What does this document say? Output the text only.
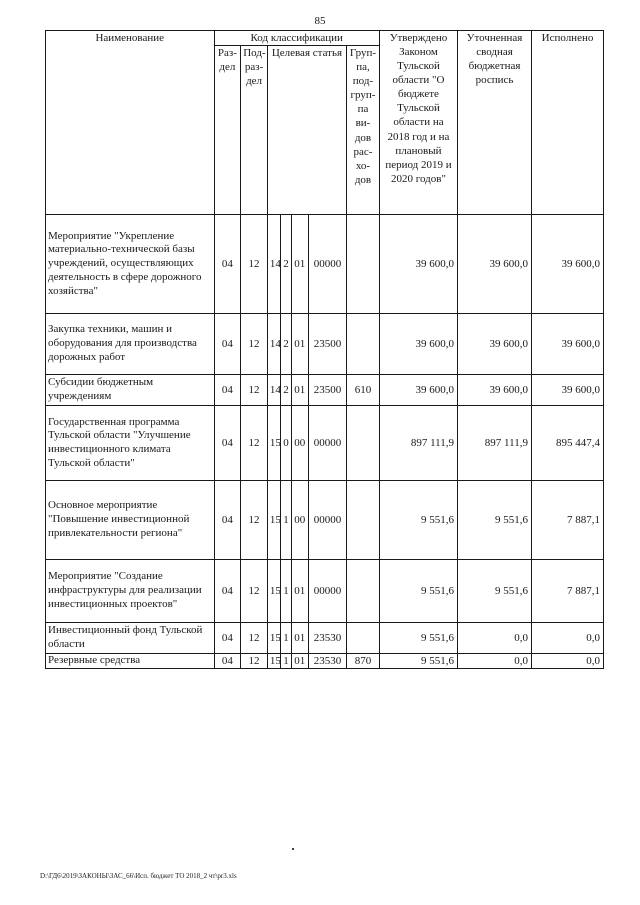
85
Наименование	Код классификации							Утверждено Законом Тульской области "О бюджете Тульской области на 2018 год и на плановый период 2019 и 2020 годов"	Уточненная сводная бюджетная роспись	Исполнено
	Раз-дел	Под-раз-дел	Целевая статья				Груп-па, под-груп-па ви-дов рас-хо-дов			
Мероприятие "Укрепление материально-технической базы учреждений, осуществляющих деятельность в сфере дорожного хозяйства"	04	12	14	2	01	00000		39 600,0	39 600,0	39 600,0
Закупка техники, машин и оборудования для производства дорожных работ	04	12	14	2	01	23500		39 600,0	39 600,0	39 600,0
Субсидии бюджетным учреждениям	04	12	14	2	01	23500	610	39 600,0	39 600,0	39 600,0
Государственная программа Тульской области "Улучшение инвестиционного климата Тульской области"	04	12	15	0	00	00000		897 111,9	897 111,9	895 447,4
Основное мероприятие "Повышение инвестиционной привлекательности региона"	04	12	15	1	00	00000		9 551,6	9 551,6	7 887,1
Мероприятие "Создание инфраструктуры для реализации инвестиционных проектов"	04	12	15	1	01	00000		9 551,6	9 551,6	7 887,1
Инвестиционный фонд Тульской области	04	12	15	1	01	23530		9 551,6	0,0	0,0
Резервные средства	04	12	15	1	01	23530	870	9 551,6	0,0	0,0
D:\ГД6\2019\ЗАКОНЫ\ЗАС_66\Исп. бюджет ТО 2018_2 чт\pr3.xls
